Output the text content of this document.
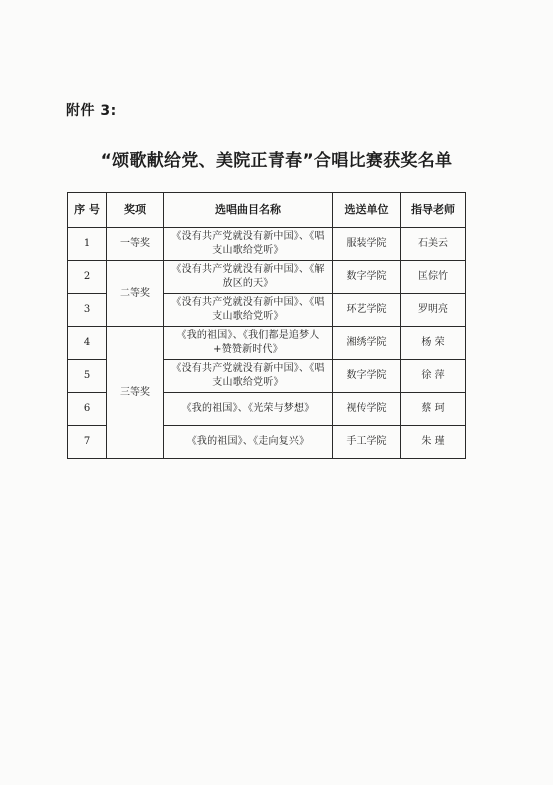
附件 3:
“颂歌献给党、美院正青春”合唱比赛获奖名单
序 号	奖项	选唱曲目名称	选送单位	指导老师
1	一等奖	《没有共产党就没有新中国》、《唱支山歌给党听》	服装学院	石美云
2	二等奖	《没有共产党就没有新中国》、《解放区的天》	数字学院	匡倧竹
3		《没有共产党就没有新中国》、《唱支山歌给党听》	环艺学院	罗明亮
4	三等奖	《我的祖国》、《我们都是追梦人+赞赞新时代》	湘绣学院	杨 荣
5		《没有共产党就没有新中国》、《唱支山歌给党听》	数字学院	徐 萍
6		《我的祖国》、《光荣与梦想》	视传学院	蔡 珂
7		《我的祖国》、《走向复兴》	手工学院	朱 瑾
